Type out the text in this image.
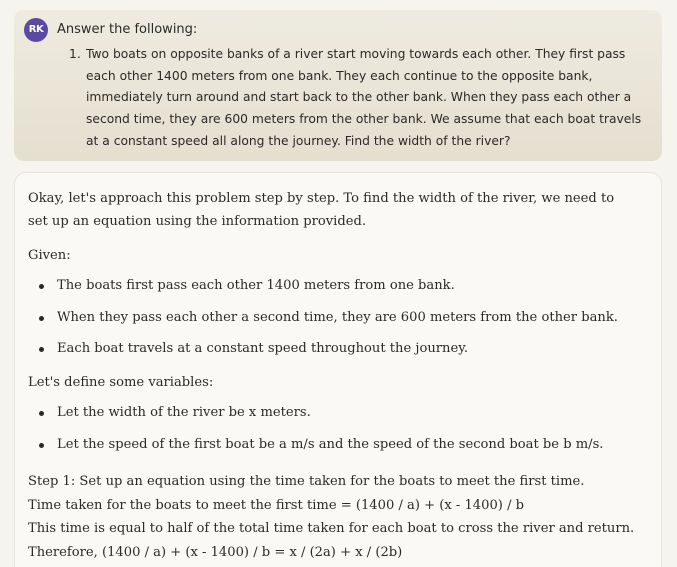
RK	Answer the following:
1. Two boats on opposite banks of a river start moving towards each other. They first pass each other 1400 meters from one bank. They each continue to the opposite bank, immediately turn around and start back to the other bank. When they pass each other a second time, they are 600 meters from the other bank. We assume that each boat travels at a constant speed all along the journey. Find the width of the river?
Okay, let's approach this problem step by step. To find the width of the river, we need to set up an equation using the information provided.
Given:
The boats first pass each other 1400 meters from one bank.
When they pass each other a second time, they are 600 meters from the other bank.
Each boat travels at a constant speed throughout the journey.
Let's define some variables:
Let the width of the river be x meters.
Let the speed of the first boat be a m/s and the speed of the second boat be b m/s.
Step 1: Set up an equation using the time taken for the boats to meet the first time.
Time taken for the boats to meet the first time = (1400 / a) + (x - 1400) / b
This time is equal to half of the total time taken for each boat to cross the river and return.
Therefore, (1400 / a) + (x - 1400) / b = x / (2a) + x / (2b)
